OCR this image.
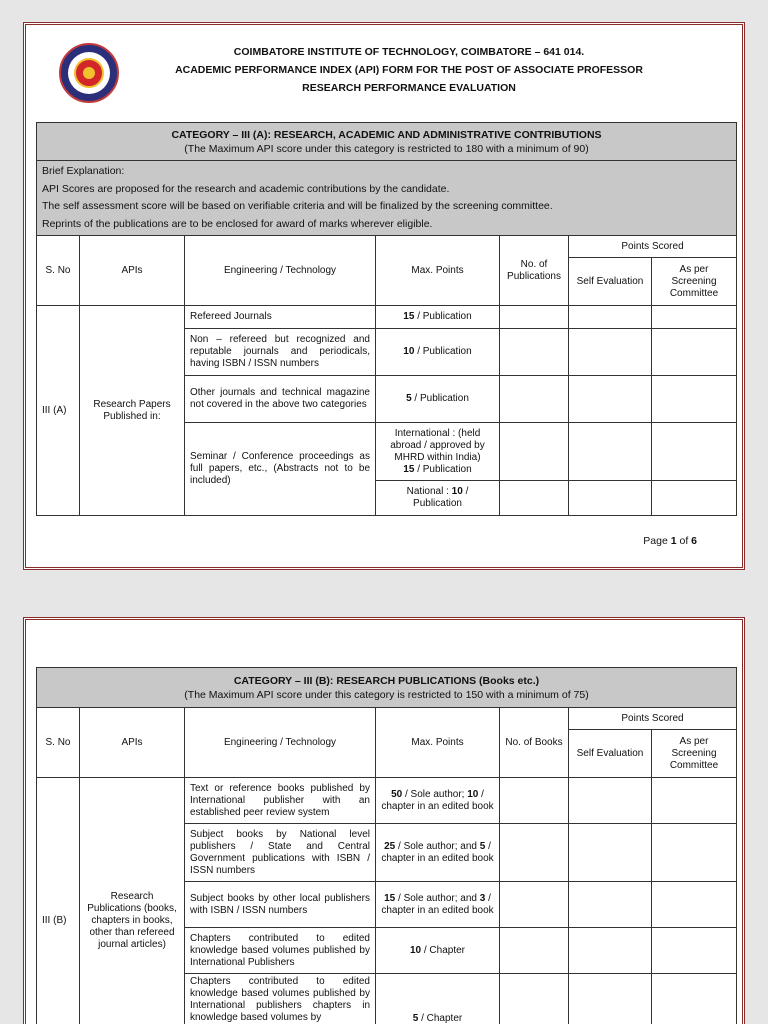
COIMBATORE INSTITUTE OF TECHNOLOGY, COIMBATORE – 641 014.
ACADEMIC PERFORMANCE INDEX (API) FORM FOR THE POST OF ASSOCIATE PROFESSOR
RESEARCH PERFORMANCE EVALUATION
CATEGORY – III (A): RESEARCH, ACADEMIC AND ADMINISTRATIVE CONTRIBUTIONS
(The Maximum API score under this category is restricted to 180 with a minimum of 90)						

Brief Explanation:
API Scores are proposed for the research and academic contributions by the candidate.
The self assessment score will be based on verifiable criteria and will be finalized by the screening committee.
Reprints of the publications are to be enclosed for award of marks wherever eligible.						

S. No	APIs	Engineering / Technology	Max. Points	No. of Publications	Points Scored	
					Self Evaluation	As per Screening Committee
III (A)	Research Papers Published in:	Refereed Journals	15 / Publication			
		Non – refereed but recognized and reputable journals and periodicals, having ISBN / ISSN numbers	10 / Publication			
		Other journals and technical magazine not covered in the above two categories	5 / Publication			
		Seminar / Conference proceedings as full papers, etc., (Abstracts not to be included)	International : (held abroad / approved by MHRD within India)
15 / Publication			
			National : 10 / Publication			
Page 1 of 6
CATEGORY – III (B): RESEARCH PUBLICATIONS (Books etc.)
(The Maximum API score under this category is restricted to 150 with a minimum of 75)						

S. No	APIs	Engineering / Technology	Max. Points	No. of Books	Points Scored	
					Self Evaluation	As per Screening Committee
III (B)	Research Publications (books, chapters in books, other than refereed journal articles)	Text or reference books published by International publisher with an established peer review system	50 / Sole author; 10 / chapter in an edited book			
		Subject books by National level publishers / State and Central Government publications with ISBN / ISSN numbers	25 / Sole author; and 5 / chapter in an edited book			
		Subject books by other local publishers with ISBN / ISSN numbers	15 / Sole author; and 3 / chapter in an edited book			
		Chapters contributed to edited knowledge based volumes published by International Publishers	10 / Chapter			
		Chapters contributed to edited knowledge based volumes published by International publishers chapters in knowledge based volumes by	5 / Chapter			
